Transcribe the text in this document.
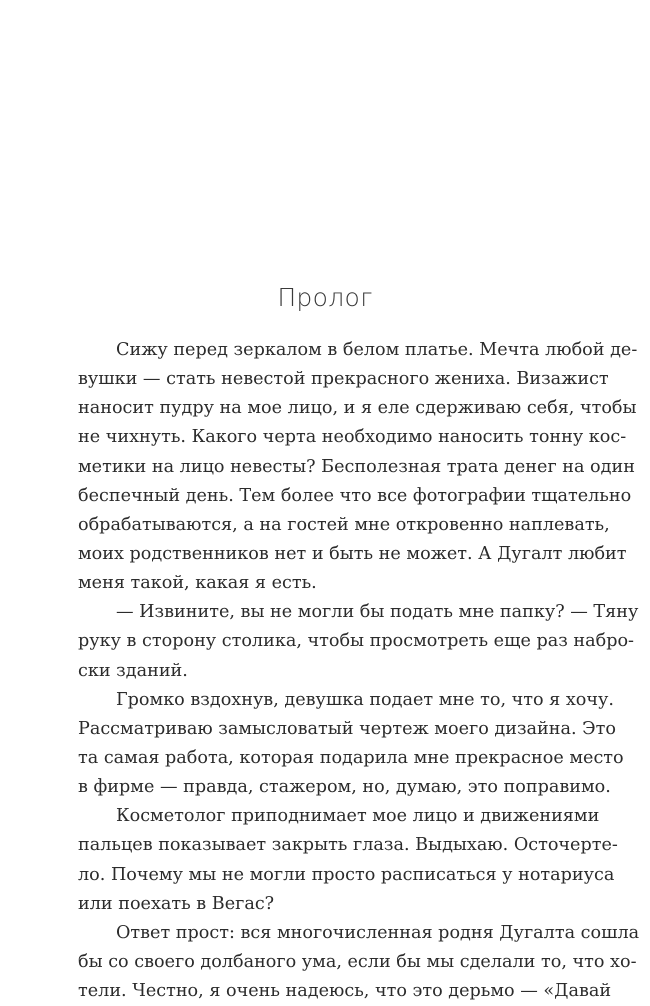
Пролог

Сижу перед зеркалом в белом платье. Мечта любой де-
вушки — стать невестой прекрасного жениха. Визажист
наносит пудру на мое лицо, и я еле сдерживаю себя, чтобы
не чихнуть. Какого черта необходимо наносить тонну кос-
метики на лицо невесты? Бесполезная трата денег на один
беспечный день. Тем более что все фотографии тщательно
обрабатываются, а на гостей мне откровенно наплевать,
моих родственников нет и быть не может. А Дугалт любит
меня такой, какая я есть.

— Извините, вы не могли бы подать мне папку? — Тяну
руку в сторону столика, чтобы просмотреть еще раз набро-
ски зданий.

Громко вздохнув, девушка подает мне то, что я хочу.
Рассматриваю замысловатый чертеж моего дизайна. Это
та самая работа, которая подарила мне прекрасное место
в фирме — правда, стажером, но, думаю, это поправимо.

Косметолог приподнимает мое лицо и движениями
пальцев показывает закрыть глаза. Выдыхаю. Осточерте-
ло. Почему мы не могли просто расписаться у нотариуса
или поехать в Вегас?

Ответ прост: вся многочисленная родня Дугалта сошла
бы со своего долбаного ума, если бы мы сделали то, что хо-
тели. Честно, я очень надеюсь, что это дерьмо — «Давай
